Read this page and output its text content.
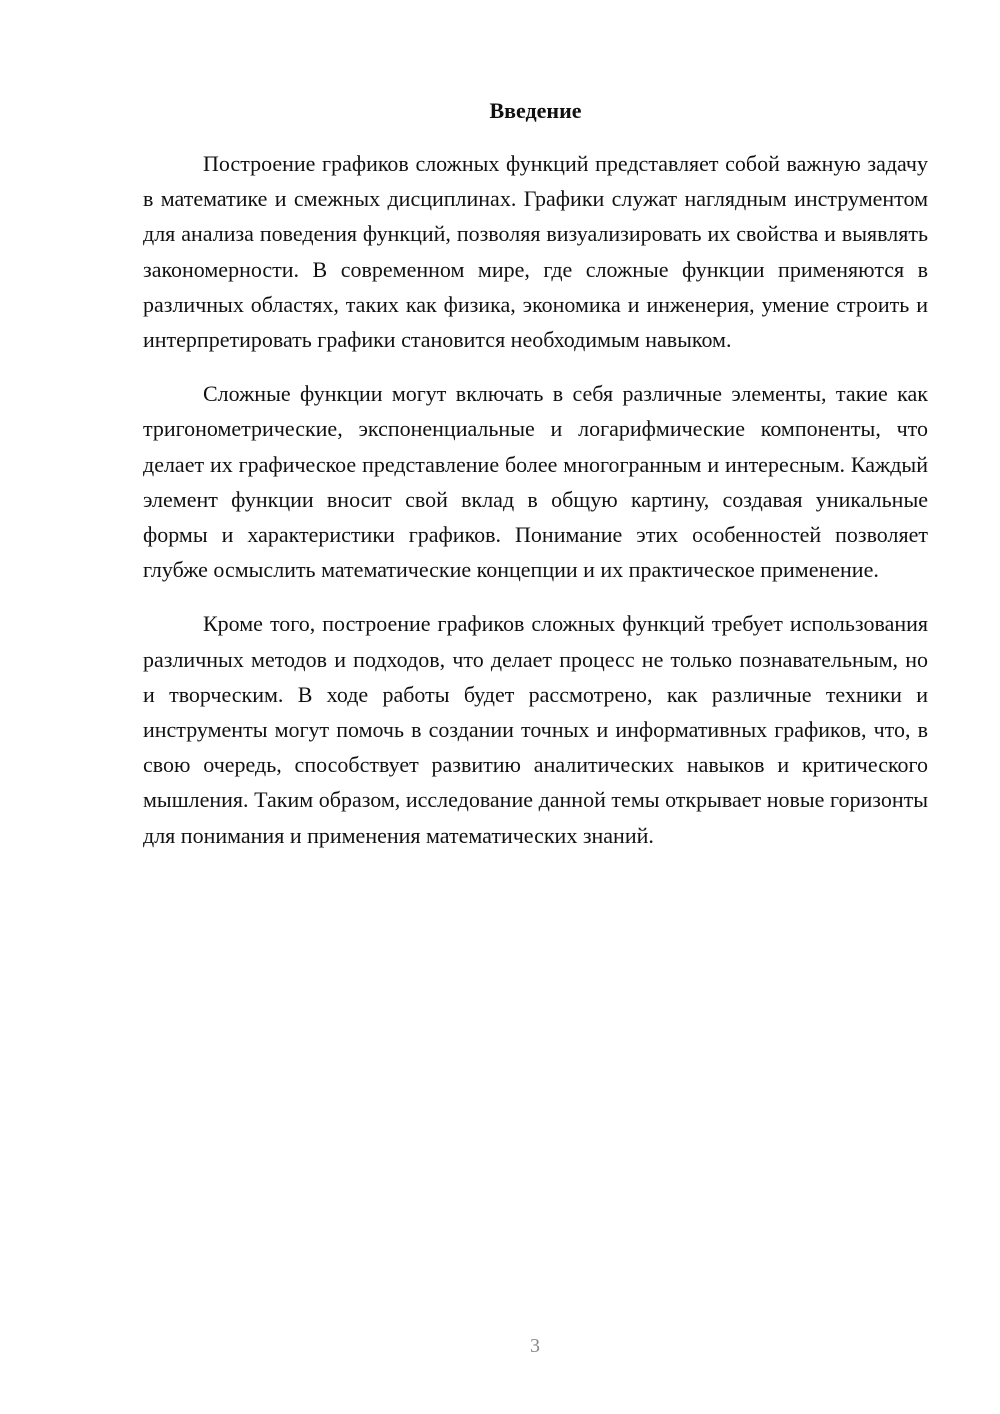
Введение

Построение графиков сложных функций представляет собой важную задачу в математике и смежных дисциплинах. Графики служат наглядным инструментом для анализа поведения функций, позволяя визуализировать их свойства и выявлять закономерности. В современном мире, где сложные функции применяются в различных областях, таких как физика, экономика и инженерия, умение строить и интерпретировать графики становится необходимым навыком.

Сложные функции могут включать в себя различные элементы, такие как тригонометрические, экспоненциальные и логарифмические компоненты, что делает их графическое представление более многогранным и интересным. Каждый элемент функции вносит свой вклад в общую картину, создавая уникальные формы и характеристики графиков. Понимание этих особенностей позволяет глубже осмыслить математические концепции и их практическое применение.

Кроме того, построение графиков сложных функций требует использования различных методов и подходов, что делает процесс не только познавательным, но и творческим. В ходе работы будет рассмотрено, как различные техники и инструменты могут помочь в создании точных и информативных графиков, что, в свою очередь, способствует развитию аналитических навыков и критического мышления. Таким образом, исследование данной темы открывает новые горизонты для понимания и применения математических знаний.

3
